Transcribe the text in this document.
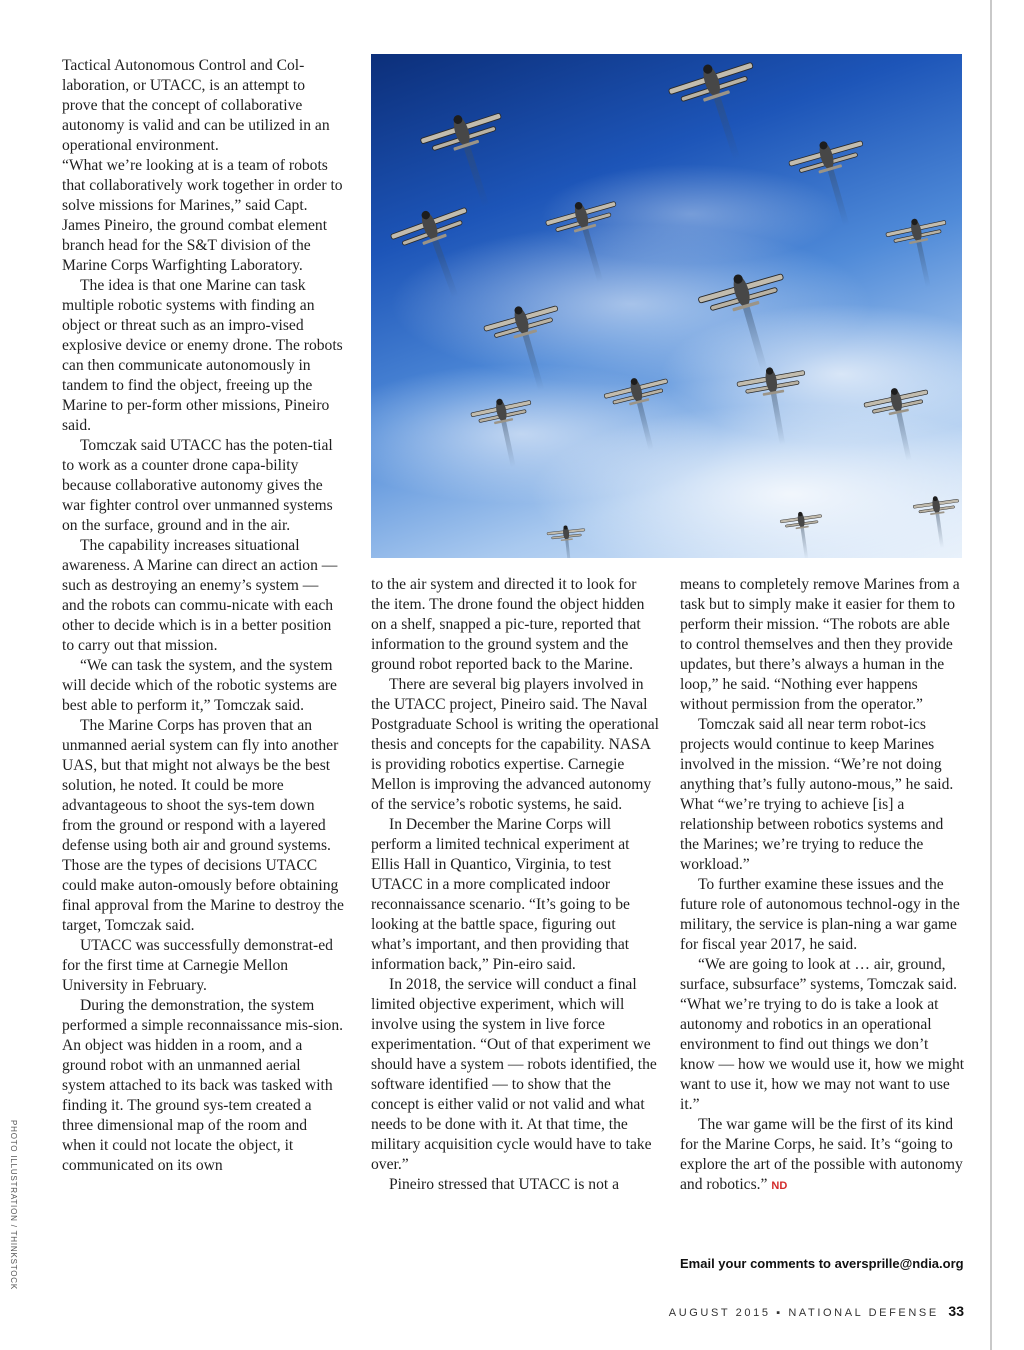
Tactical Autonomous Control and Col-laboration, or UTACC, is an attempt to prove that the concept of collaborative autonomy is valid and can be utilized in an operational environment.

“What we’re looking at is a team of robots that collaboratively work together in order to solve missions for Marines,” said Capt. James Pineiro, the ground combat element branch head for the S&T division of the Marine Corps Warfighting Laboratory.

The idea is that one Marine can task multiple robotic systems with finding an object or threat such as an impro-vised explosive device or enemy drone. The robots can then communicate autonomously in tandem to find the object, freeing up the Marine to per-form other missions, Pineiro said.

Tomczak said UTACC has the poten-tial to work as a counter drone capa-bility because collaborative autonomy gives the war fighter control over unmanned systems on the surface, ground and in the air.

The capability increases situational awareness. A Marine can direct an action — such as destroying an enemy’s system — and the robots can commu-nicate with each other to decide which is in a better position to carry out that mission.

“We can task the system, and the system will decide which of the robotic systems are best able to perform it,” Tomczak said.

The Marine Corps has proven that an unmanned aerial system can fly into another UAS, but that might not always be the best solution, he noted. It could be more advantageous to shoot the sys-tem down from the ground or respond with a layered defense using both air and ground systems. Those are the types of decisions UTACC could make auton-omously before obtaining final approval from the Marine to destroy the target, Tomczak said.

UTACC was successfully demonstrat-ed for the first time at Carnegie Mellon University in February.

During the demonstration, the system performed a simple reconnaissance mis-sion. An object was hidden in a room, and a ground robot with an unmanned aerial system attached to its back was tasked with finding it. The ground sys-tem created a three dimensional map of the room and when it could not locate the object, it communicated on its own

to the air system and directed it to look for the item. The drone found the object hidden on a shelf, snapped a pic-ture, reported that information to the ground system and the ground robot reported back to the Marine.

There are several big players involved in the UTACC project, Pineiro said. The Naval Postgraduate School is writing the operational thesis and concepts for the capability. NASA is providing robotics expertise. Carnegie Mellon is improving the advanced autonomy of the service’s robotic systems, he said.

In December the Marine Corps will perform a limited technical experiment at Ellis Hall in Quantico, Virginia, to test UTACC in a more complicated indoor reconnaissance scenario. “It’s going to be looking at the battle space, figuring out what’s important, and then providing that information back,” Pin-eiro said.

In 2018, the service will conduct a final limited objective experiment, which will involve using the system in live force experimentation. “Out of that experiment we should have a system — robots identified, the software identified — to show that the concept is either valid or not valid and what needs to be done with it. At that time, the military acquisition cycle would have to take over.”

Pineiro stressed that UTACC is not a

means to completely remove Marines from a task but to simply make it easier for them to perform their mission. “The robots are able to control themselves and then they provide updates, but there’s always a human in the loop,” he said. “Nothing ever happens without permission from the operator.”

Tomczak said all near term robot-ics projects would continue to keep Marines involved in the mission. “We’re not doing anything that’s fully autono-mous,” he said. What “we’re trying to achieve [is] a relationship between robotics systems and the Marines; we’re trying to reduce the workload.”

To further examine these issues and the future role of autonomous technol-ogy in the military, the service is plan-ning a war game for fiscal year 2017, he said.

“We are going to look at … air, ground, surface, subsurface” systems, Tomczak said. “What we’re trying to do is take a look at autonomy and robotics in an operational environment to find out things we don’t know — how we would use it, how we might want to use it, how we may not want to use it.”

The war game will be the first of its kind for the Marine Corps, he said. It’s “going to explore the art of the possible with autonomy and robotics.” ND

Email your comments to aversprille@ndia.org
PHOTO ILLUSTRATION / THINKSTOCK
AUGUST 2015 ▪ NATIONAL DEFENSE 33
